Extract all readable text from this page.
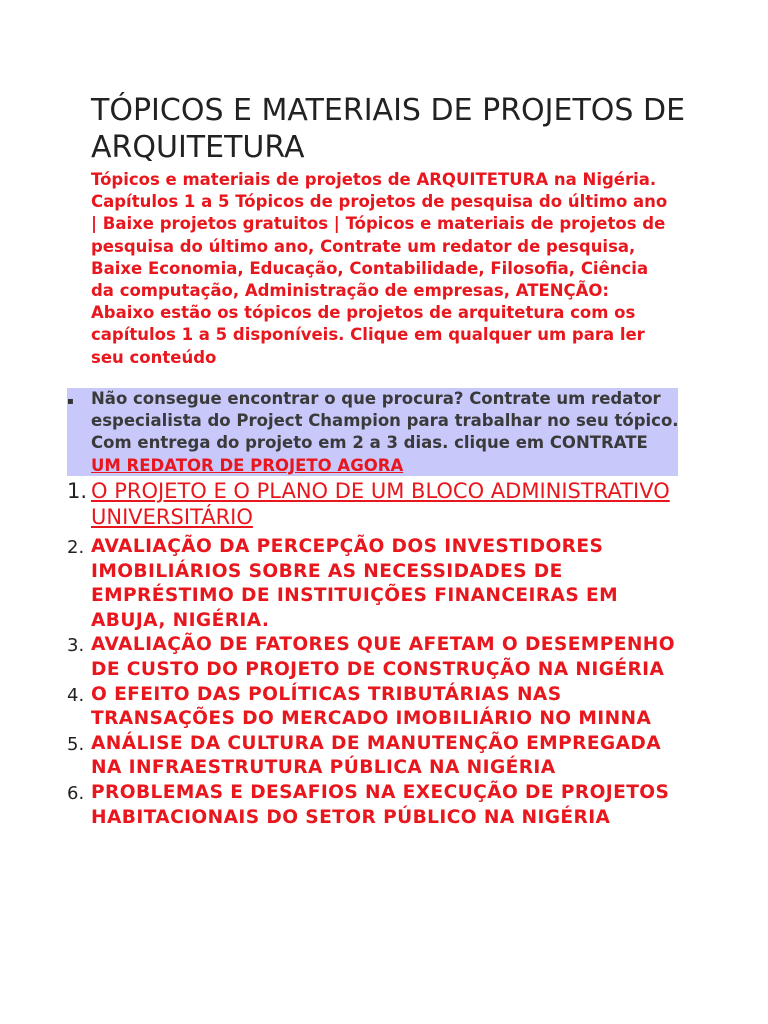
TÓPICOS E MATERIAIS DE PROJETOS DE ARQUITETURA

Tópicos e materiais de projetos de ARQUITETURA na Nigéria. Capítulos 1 a 5 Tópicos de projetos de pesquisa do último ano | Baixe projetos gratuitos | Tópicos e materiais de projetos de pesquisa do último ano, Contrate um redator de pesquisa, Baixe Economia, Educação, Contabilidade, Filosofia, Ciência da computação, Administração de empresas, ATENÇÃO: Abaixo estão os tópicos de projetos de arquitetura com os capítulos 1 a 5 disponíveis. Clique em qualquer um para ler seu conteúdo

▪ Não consegue encontrar o que procura? Contrate um redator especialista do Project Champion para trabalhar no seu tópico. Com entrega do projeto em 2 a 3 dias. clique em CONTRATE UM REDATOR DE PROJETO AGORA
1. O PROJETO E O PLANO DE UM BLOCO ADMINISTRATIVO UNIVERSITÁRIO
2. AVALIAÇÃO DA PERCEPÇÃO DOS INVESTIDORES IMOBILIÁRIOS SOBRE AS NECESSIDADES DE EMPRÉSTIMO DE INSTITUIÇÕES FINANCEIRAS EM ABUJA, NIGÉRIA.
3. AVALIAÇÃO DE FATORES QUE AFETAM O DESEMPENHO DE CUSTO DO PROJETO DE CONSTRUÇÃO NA NIGÉRIA
4. O EFEITO DAS POLÍTICAS TRIBUTÁRIAS NAS TRANSAÇÕES DO MERCADO IMOBILIÁRIO NO MINNA
5. ANÁLISE DA CULTURA DE MANUTENÇÃO EMPREGADA NA INFRAESTRUTURA PÚBLICA NA NIGÉRIA
6. PROBLEMAS E DESAFIOS NA EXECUÇÃO DE PROJETOS HABITACIONAIS DO SETOR PÚBLICO NA NIGÉRIA
